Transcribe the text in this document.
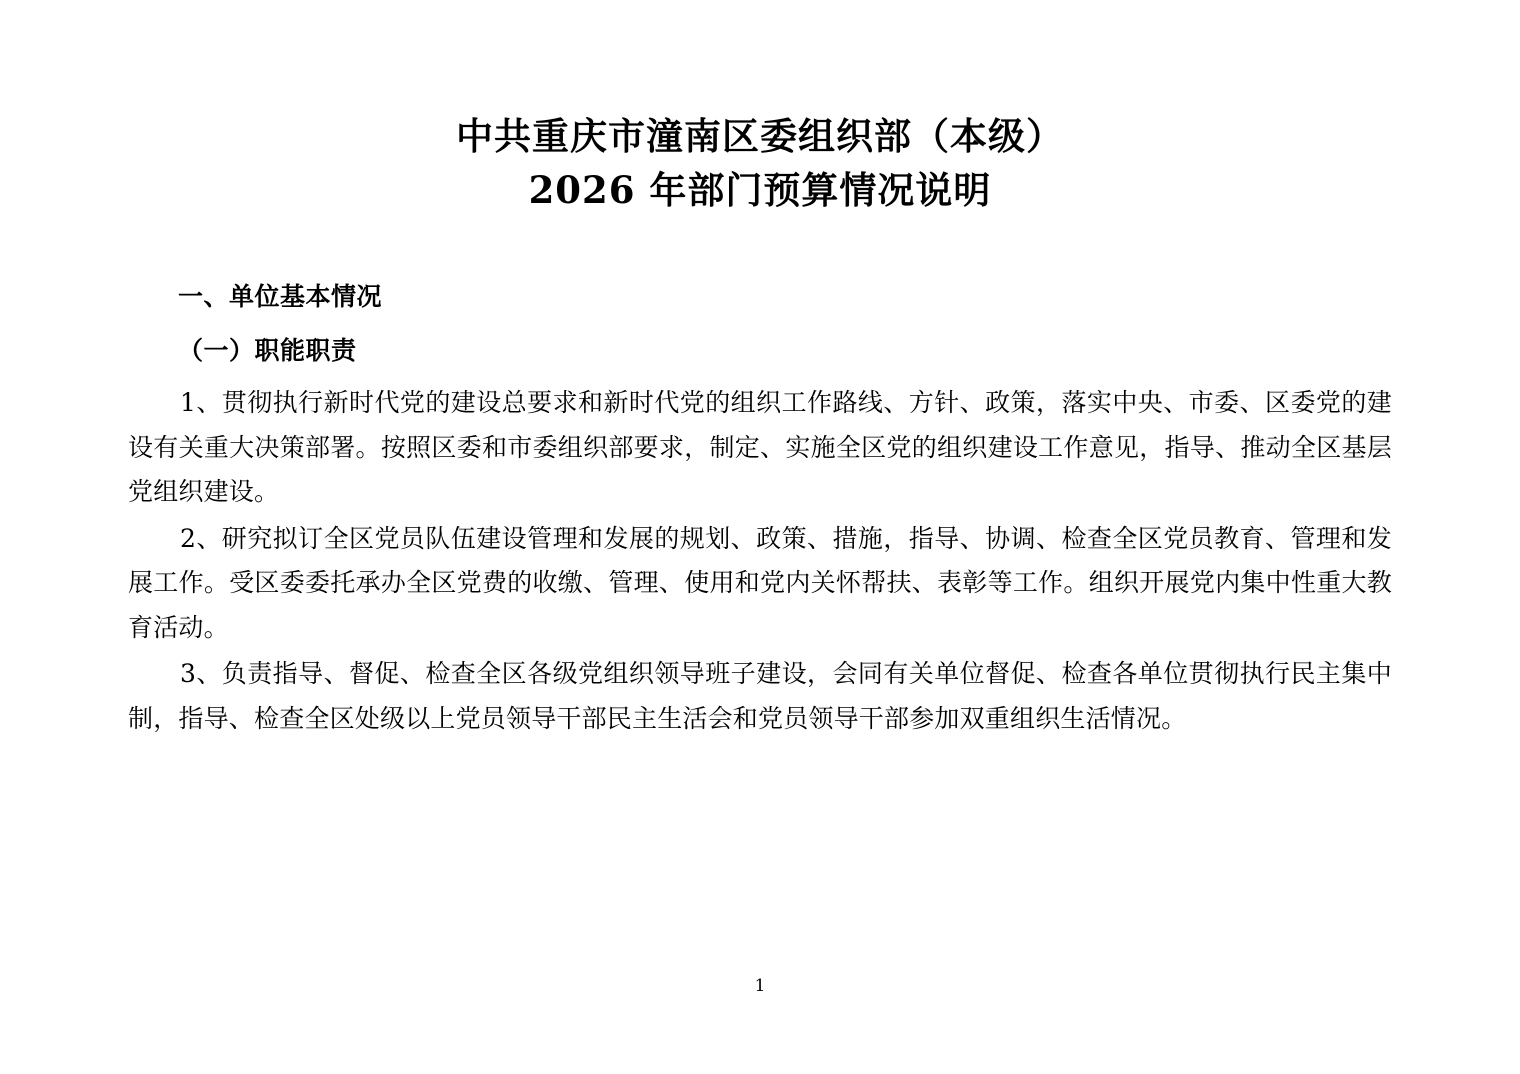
中共重庆市潼南区委组织部（本级）
2026 年部门预算情况说明
一、单位基本情况
（一）职能职责

1、贯彻执行新时代党的建设总要求和新时代党的组织工作路线、方针、政策，落实中央、市委、区委党的建设有关重大决策部署。按照区委和市委组织部要求，制定、实施全区党的组织建设工作意见，指导、推动全区基层党组织建设。

2、研究拟订全区党员队伍建设管理和发展的规划、政策、措施，指导、协调、检查全区党员教育、管理和发展工作。受区委委托承办全区党费的收缴、管理、使用和党内关怀帮扶、表彰等工作。组织开展党内集中性重大教育活动。

3、负责指导、督促、检查全区各级党组织领导班子建设，会同有关单位督促、检查各单位贯彻执行民主集中制，指导、检查全区处级以上党员领导干部民主生活会和党员领导干部参加双重组织生活情况。

1
